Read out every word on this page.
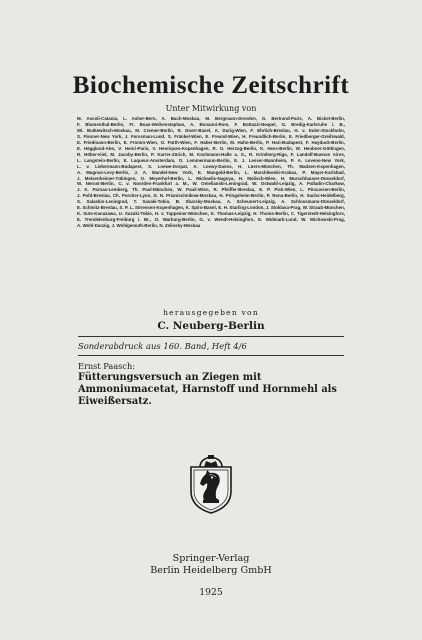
Biochemische Zeitschrift
Unter Mitwirkung von

M. Ascoli-Catania, L. Asher-Bern, A. Bach-Moskau, M. Bergmann-Dresden, G. Bertrand-Paris, A. Bickel-Berlin, F. Blumenthal-Berlin, Fr. Boas-Weihenstephan, A. Bonanni-Rom, F. Bottazzi-Neapel, G. Bredig-Karlsruhe i. B., Wl. Butkewitsch-Moskau, M. Cremer-Berlin, R. Doerr-Basel, A. Durig-Wien, F. Ehrlich-Breslau, H. v. Euler-Stockholm, S. Flexner-New York, J. Forssman-Lund, S. Fränkel-Wien, E. Freund-Wien, H. Freundlich-Berlin, E. Friedberger-Greifswald, E. Friedmann-Berlin, E. Fromm-Wien, O. Fürth-Wien, F. Haber-Berlin, M. Hahn-Berlin, P. Hari-Budapest, F. Hayduck-Berlin, E. Hägglund-Abo, V. Henri-Paris, V. Henriques-Kopenhagen, R. O. Herzog-Berlin, K. Hess-Berlin, W. Heubner-Göttingen, R. Höber-Kiel, M. Jacoby-Berlin, P. Karrer-Zürich, M. Kochmann-Halle a. S., R. Krimberg-Riga, F. Landolf-Buenos Aires, L. Langstein-Berlin, E. Laqueur-Amsterdam, O. Lemmermann-Berlin, E. J. Lesser-Mannheim, P. A. Levene-New York, L. v. Liebermann-Budapest, S. Loewe-Dorpat, A. Loewy-Davos, H. Lüers-München, Th. Madsen-Kopenhagen, A. Magnus-Levy-Berlin, J. A. Mandel-New York, E. Mangold-Berlin, L. Marchlewski-Krakau, P. Mayer-Karlsbad, J. Meisenheimer-Tübingen, O. Meyerhof-Berlin, L. Michaelis-Nagoya, H. Molisch-Wien, H. Murschhauser-Düsseldorf, W. Nernst-Berlin, C. v. Noorden-Frankfurt a. M., W. Omelianski-Leningrad, W. Ostwald-Leipzig, A. Palladin-Charkow, J. K. Parnas-Lemberg, Th. Paul-München, W. Pauli-Wien, R. Pfeiffer-Breslau, E. P. Pick-Wien, L. Pincussen-Berlin, J. Pohl-Breslau, Ch. Porcher-Lyon, D. N. Prianischnikow-Moskau, H. Pringsheim-Berlin, P. Rona-Berlin, H. Sachs-Heidelberg, S. Salaskin-Leningrad, T. Sasaki-Tokio, B. Sbarsky-Moskau, A. Scheunert-Leipzig, A. Schlossmann-Düsseldorf, E. Schmitz-Breslau, S. P. L. Sörensen-Kopenhagen, K. Spiro-Basel, E. H. Starling-London, J. Stoklasa-Prag, W. Straub-München, K. Suto-Kanazawa, U. Suzuki-Tokio, H. v. Tappeiner-München, K. Thomas-Leipzig, H. Thoms-Berlin, C. Tigerstedt-Helsingfors, E. Trendelenburg-Freiburg i. Br., O. Warburg-Berlin, G. v. Wendt-Helsingfors, E. Widmark-Lund, W. Wichowski-Prag, A. Wohl-Danzig, J. Wohlgemuth-Berlin, N. Zelinsky-Moskau

herausgegeben von
C. Neuberg-Berlin
Sonderabdruck aus 160. Band, Heft 4/6
Ernst Paasch:

Fütterungsversuch an Ziegen mit Ammoniumacetat, Harnstoff und Hornmehl als Eiweißersatz.

Springer-Verlag
Berlin Heidelberg GmbH
1925
